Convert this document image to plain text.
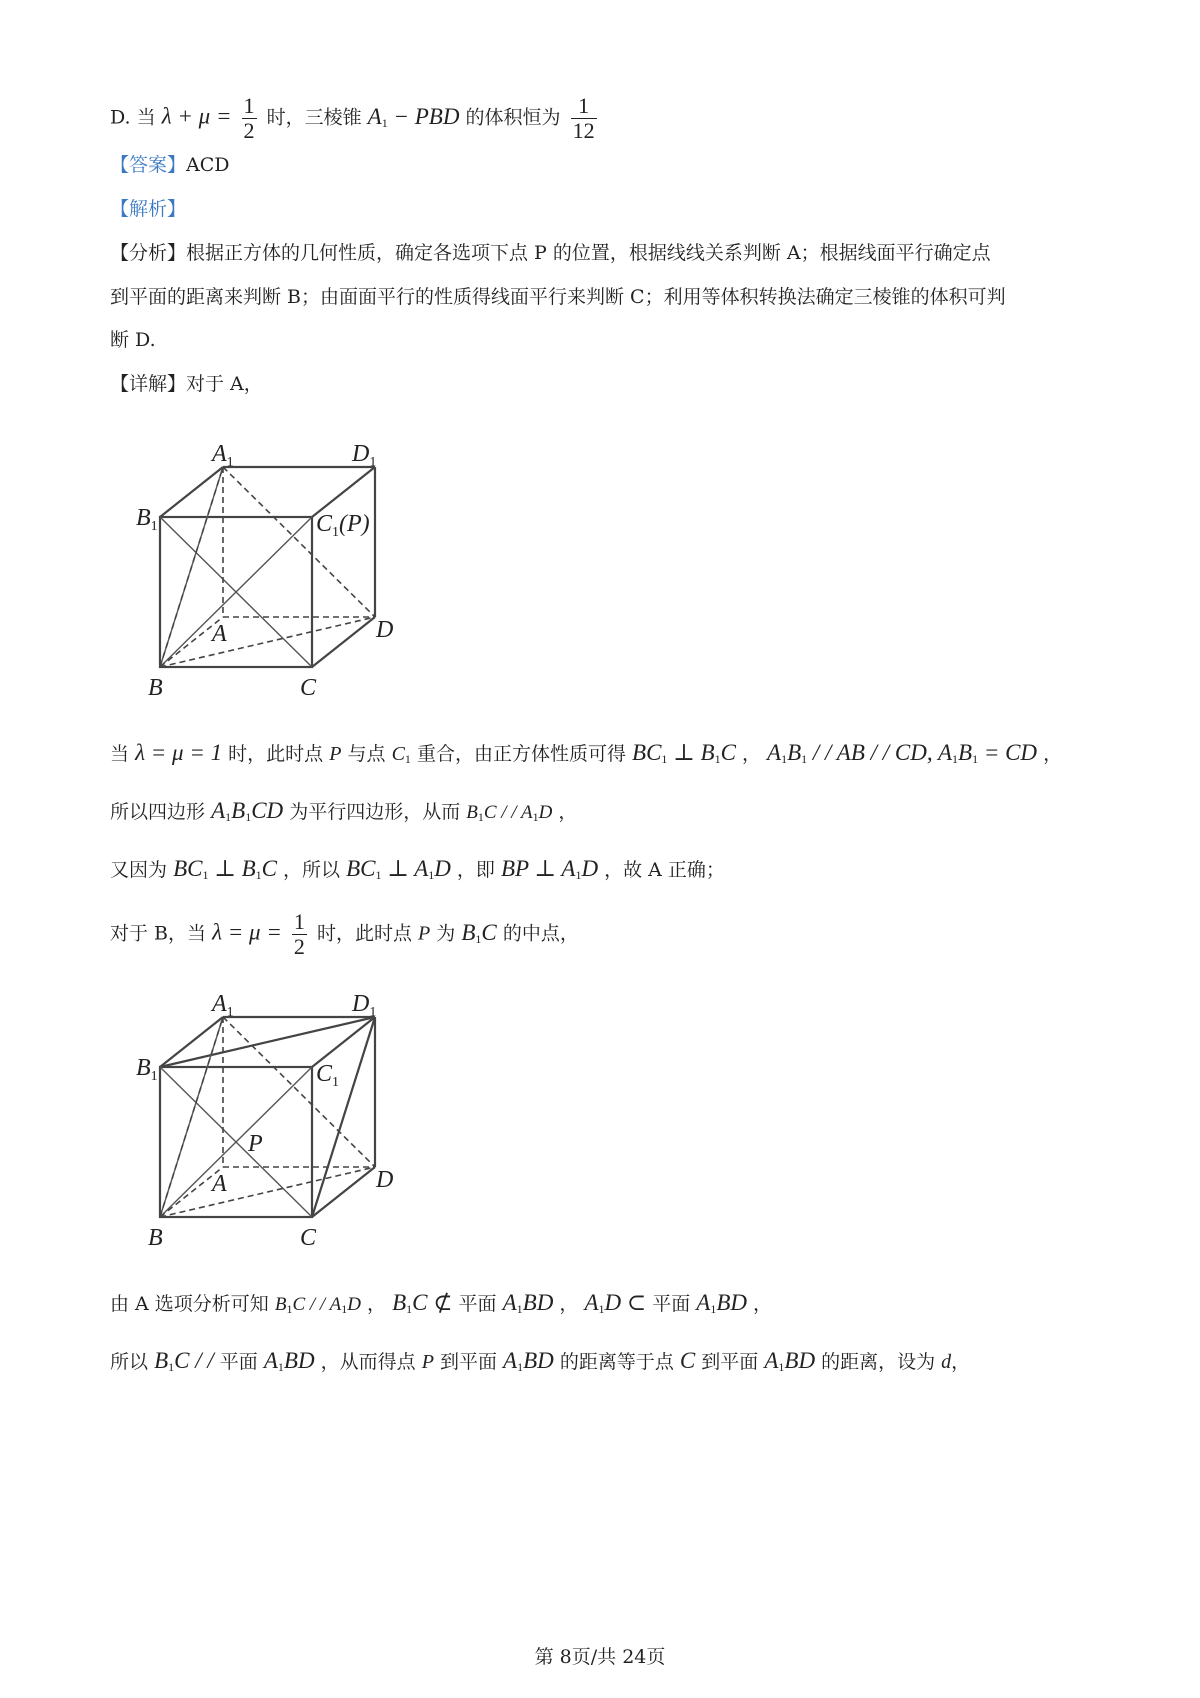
D. 当 $\lambda + \mu = \frac{1}{2}$ 时，三棱锥 $A_1$ − PBD 的体积恒为 $\frac{1}{12}$
【答案】ACD
【解析】
【分析】根据正方体的几何性质，确定各选项下点 P 的位置，根据线线关系判断 A；根据线面平行确定点
到平面的距离来判断 B；由面面平行的性质得线面平行来判断 C；利用等体积转换法确定三棱锥的体积可判
断 D.
【详解】对于 A，
$A_1$	$D_1$
$B_1$	$C_1(P)$
A	D
B	C
当 λ = μ = 1 时，此时点 P 与点 $C_1$ 重合，由正方体性质可得 $BC_1$ ⊥ $B_1C$ ， $A_1B_1$ / / AB / / CD, $A_1B_1$ = CD ，
所以四边形 $A_1B_1CD$ 为平行四边形，从而 $B_1C$ / / $A_1D$ ，
又因为 $BC_1$ ⊥ $B_1C$ ，所以 $BC_1$ ⊥ $A_1D$ ，即 BP ⊥ $A_1D$ ，故 A 正确；
对于 B，当 $\lambda = \mu = \frac{1}{2}$ 时，此时点 P 为 $B_1C$ 的中点，
$A_1$	$D_1$
$B_1$	$C_1$
P
A	D
B	C
由 A 选项分析可知 $B_1C$ / / $A_1D$ ， $B_1C$ ⊄ 平面 $A_1BD$ ， $A_1D$ ⊂ 平面 $A_1BD$ ，
所以 $B_1C$ / / 平面 $A_1BD$ ，从而得点 P 到平面 $A_1BD$ 的距离等于点 C 到平面 $A_1BD$ 的距离，设为 d，
第 8页/共 24页
